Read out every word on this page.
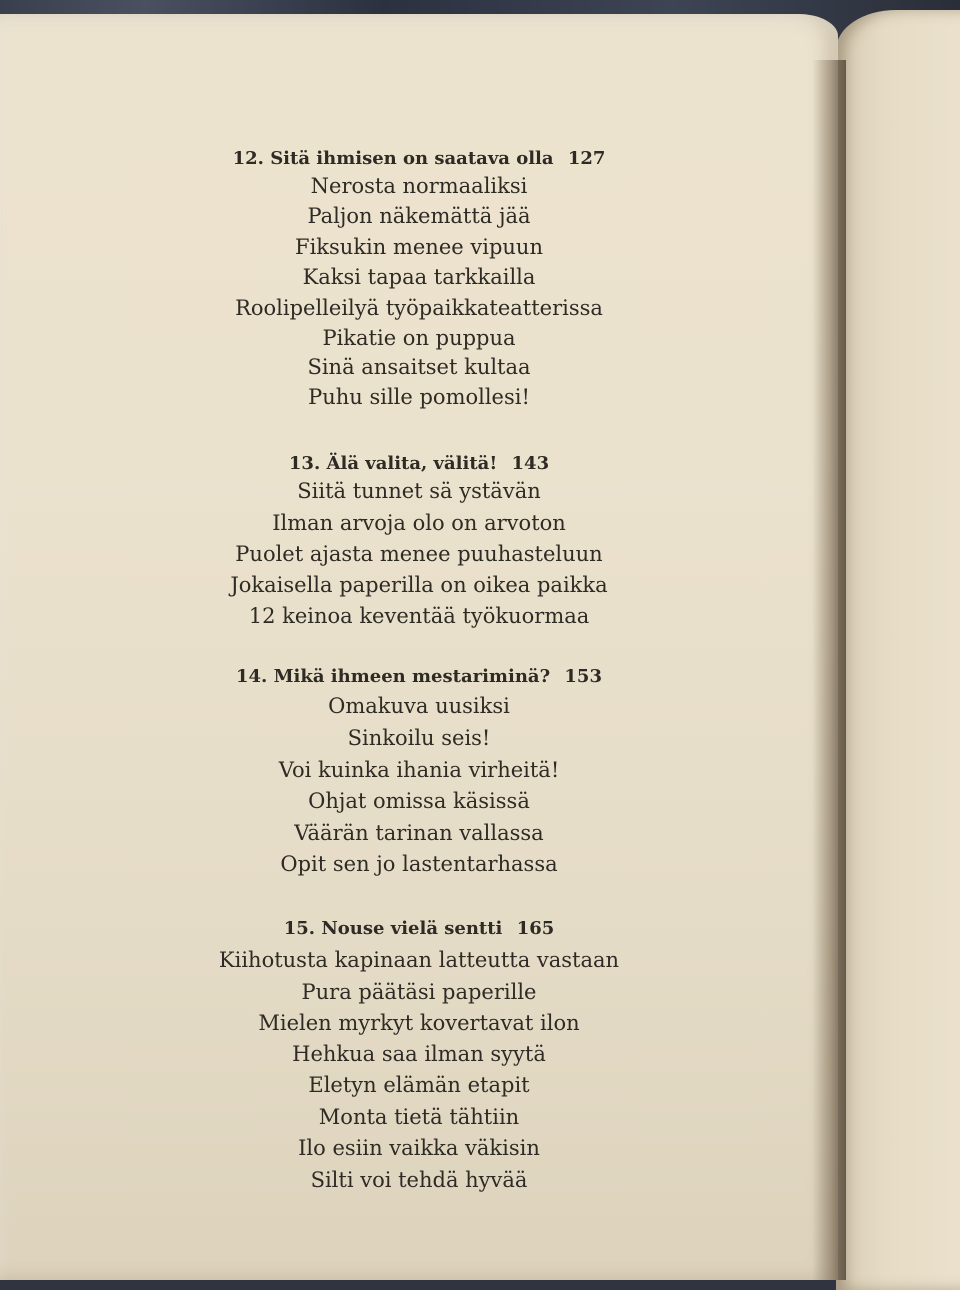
12. Sitä ihmisen on saatava olla 127
Nerosta normaaliksi
Paljon näkemättä jää
Fiksukin menee vipuun
Kaksi tapaa tarkkailla
Roolipelleilyä työpaikkateatterissa
Pikatie on puppua
Sinä ansaitset kultaa
Puhu sille pomollesi!
13. Älä valita, välitä! 143
Siitä tunnet sä ystävän
Ilman arvoja olo on arvoton
Puolet ajasta menee puuhasteluun
Jokaisella paperilla on oikea paikka
12 keinoa keventää työkuormaa
14. Mikä ihmeen mestariminä? 153
Omakuva uusiksi
Sinkoilu seis!
Voi kuinka ihania virheitä!
Ohjat omissa käsissä
Väärän tarinan vallassa
Opit sen jo lastentarhassa
15. Nouse vielä sentti 165
Kiihotusta kapinaan latteutta vastaan
Pura päätäsi paperille
Mielen myrkyt kovertavat ilon
Hehkua saa ilman syytä
Eletyn elämän etapit
Monta tietä tähtiin
Ilo esiin vaikka väkisin
Silti voi tehdä hyvää
